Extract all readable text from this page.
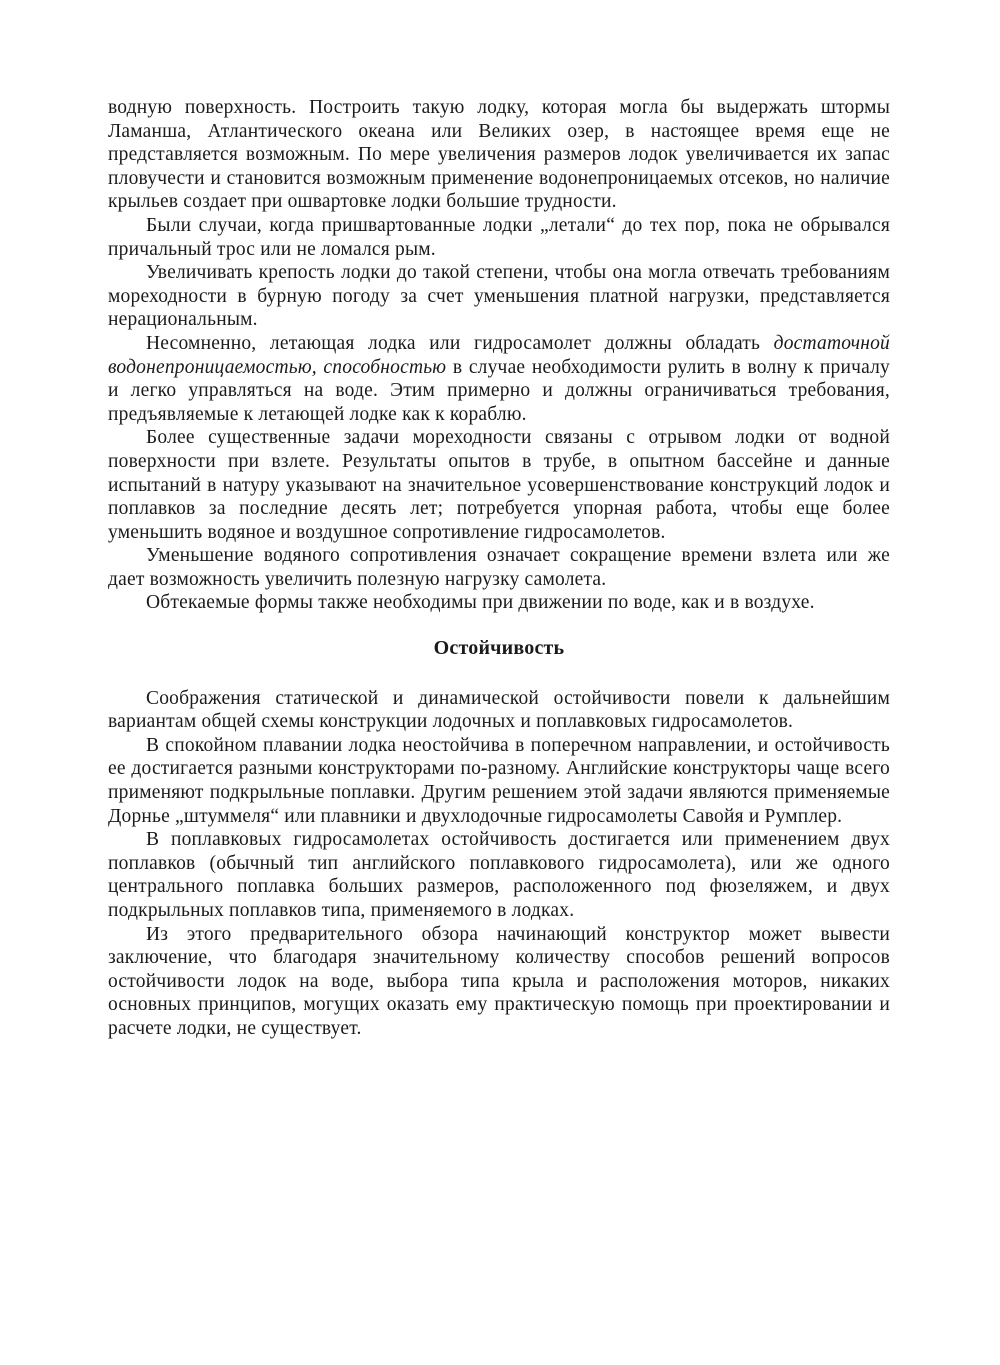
водную поверхность. Построить такую лодку, которая могла бы выдержать штормы Ламанша, Атлантического океана или Великих озер, в настоящее время еще не представляется возможным. По мере увеличения размеров лодок увеличивается их запас пловучести и становится возможным применение водонепроницаемых отсеков, но наличие крыльев создает при ошвартовке лодки большие трудности.

Были случаи, когда пришвартованные лодки „летали“ до тех пор, пока не обрывался причальный трос или не ломался рым.

Увеличивать крепость лодки до такой степени, чтобы она могла отвечать требованиям мореходности в бурную погоду за счет уменьшения платной нагрузки, представляется нерациональным.

Несомненно, летающая лодка или гидросамолет должны обладать достаточной водонепроницаемостью, способностью в случае необходимости рулить в волну к причалу и легко управляться на воде. Этим примерно и должны ограничиваться требования, предъявляемые к летающей лодке как к кораблю.

Более существенные задачи мореходности связаны с отрывом лодки от водной поверхности при взлете. Результаты опытов в трубе, в опытном бассейне и данные испытаний в натуру указывают на значительное усовершенствование конструкций лодок и поплавков за последние десять лет; потребуется упорная работа, чтобы еще более уменьшить водяное и воздушное сопротивление гидросамолетов.

Уменьшение водяного сопротивления означает сокращение времени взлета или же дает возможность увеличить полезную нагрузку самолета.

Обтекаемые формы также необходимы при движении по воде, как и в воздухе.

Остойчивость

Соображения статической и динамической остойчивости повели к дальнейшим вариантам общей схемы конструкции лодочных и поплавковых гидросамолетов.

В спокойном плавании лодка неостойчива в поперечном направлении, и остойчивость ее достигается разными конструкторами по-разному. Английские конструкторы чаще всего применяют подкрыльные поплавки. Другим решением этой задачи являются применяемые Дорнье „штуммеля“ или плавники и двухлодочные гидросамолеты Савойя и Румплер.

В поплавковых гидросамолетах остойчивость достигается или применением двух поплавков (обычный тип английского поплавкового гидросамолета), или же одного центрального поплавка больших размеров, расположенного под фюзеляжем, и двух подкрыльных поплавков типа, применяемого в лодках.

Из этого предварительного обзора начинающий конструктор может вывести заключение, что благодаря значительному количеству способов решений вопросов остойчивости лодок на воде, выбора типа крыла и расположения моторов, никаких основных принципов, могущих оказать ему практическую помощь при проектировании и расчете лодки, не существует.
